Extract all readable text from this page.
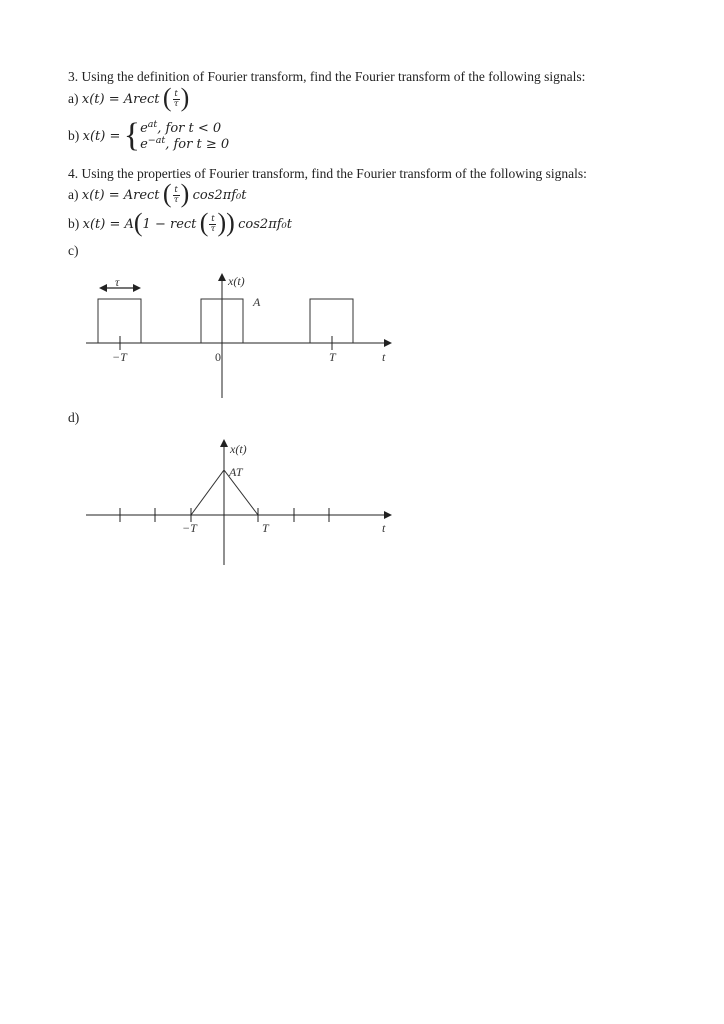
3. Using the definition of Fourier transform, find the Fourier transform of the following signals:
a) x(t) = Arect ( $\frac{t}{\tau}$ )
b) x(t) = { $e^{at}$, for t < 0
$e^{-at}$, for t ≥ 0
4. Using the properties of Fourier transform, find the Fourier transform of the following signals:
a) x(t) = Arect ( $\frac{t}{\tau}$ ) cos2πf₀t
b) x(t) = A(1 − rect ( $\frac{t}{\tau}$ )) cos2πf₀t
c)
τ	x(t)
A
−T	0	T	t
d)
x(t)
AT
−T	T	t
